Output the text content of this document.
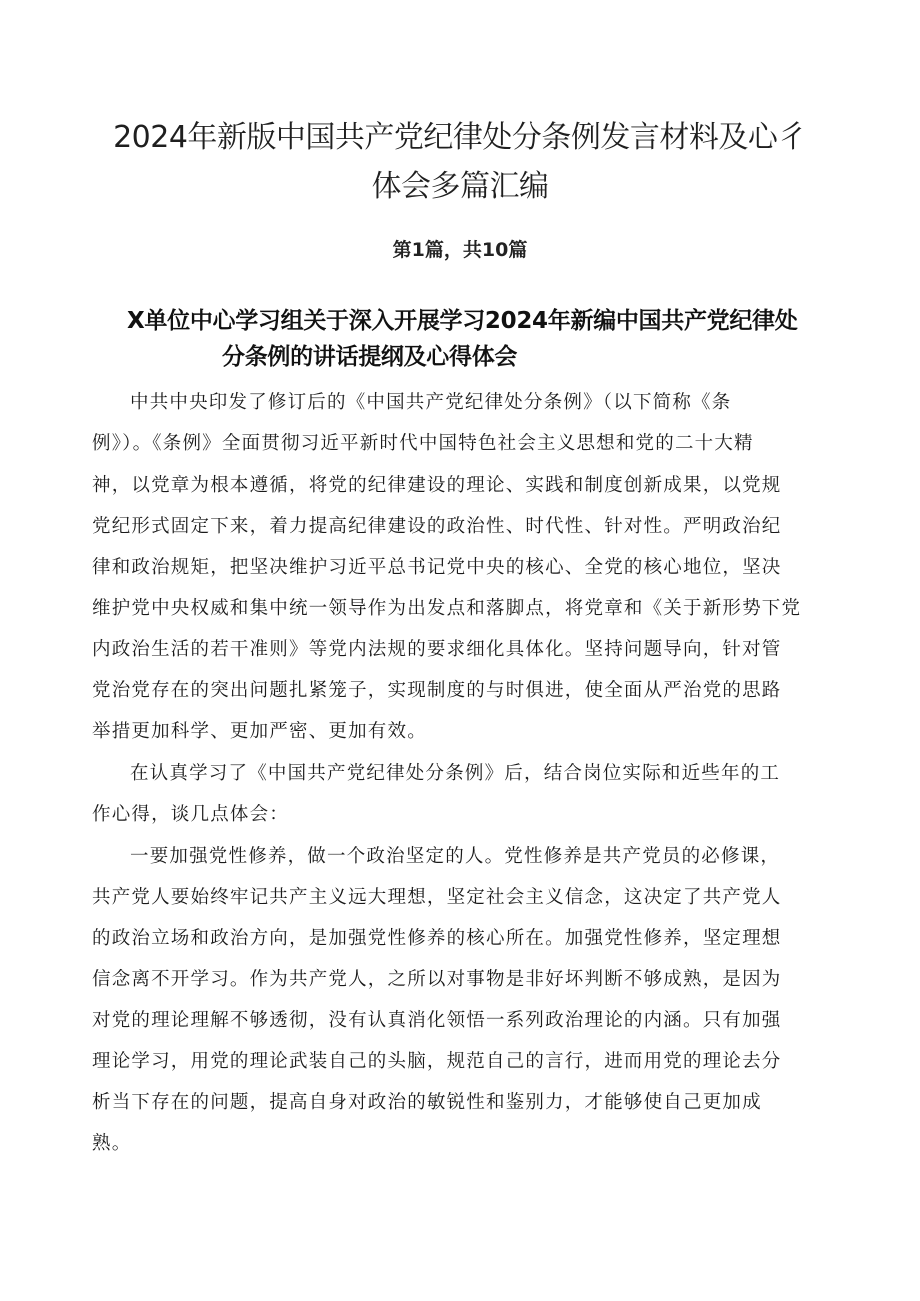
2024年新版中国共产党纪律处分条例发言材料及心彳
体会多篇汇编
第1篇，共10篇
X单位中心学习组关于深入开展学习2024年新编中国共产党纪律处
分条例的讲话提纲及心得体会

中共中央印发了修订后的《中国共产党纪律处分条例》（以下简称《条

例》）。《条例》全面贯彻习近平新时代中国特色社会主义思想和党的二十大精

神，以党章为根本遵循，将党的纪律建设的理论、实践和制度创新成果，以党规

党纪形式固定下来，着力提高纪律建设的政治性、时代性、针对性。严明政治纪

律和政治规矩，把坚决维护习近平总书记党中央的核心、全党的核心地位，坚决

维护党中央权威和集中统一领导作为出发点和落脚点，将党章和《关于新形势下党

内政治生活的若干准则》等党内法规的要求细化具体化。坚持问题导向，针对管

党治党存在的突出问题扎紧笼子，实现制度的与时俱进，使全面从严治党的思路

举措更加科学、更加严密、更加有效。

在认真学习了《中国共产党纪律处分条例》后，结合岗位实际和近些年的工

作心得，谈几点体会：

一要加强党性修养，做一个政治坚定的人。党性修养是共产党员的必修课，

共产党人要始终牢记共产主义远大理想，坚定社会主义信念，这决定了共产党人

的政治立场和政治方向，是加强党性修养的核心所在。加强党性修养，坚定理想

信念离不开学习。作为共产党人，之所以对事物是非好坏判断不够成熟，是因为

对党的理论理解不够透彻，没有认真消化领悟一系列政治理论的内涵。只有加强

理论学习，用党的理论武装自己的头脑，规范自己的言行，进而用党的理论去分

析当下存在的问题，提高自身对政治的敏锐性和鉴别力，才能够使自己更加成

熟。
